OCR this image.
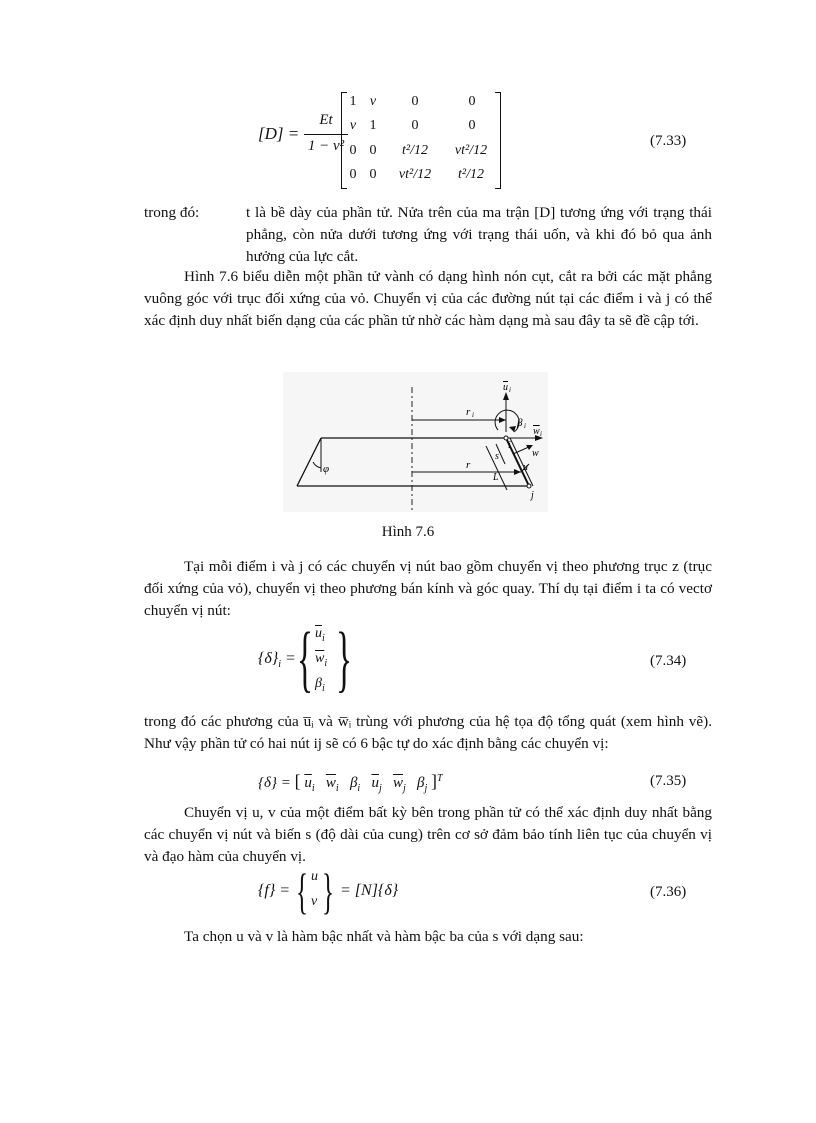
[D] =
Et
1 − ν²
1 ν	0	0
ν 1	0	0
0 0	t²/12	νt²/12
0 0	νt²/12	t²/12
(7.33)
trong đó:	t là bề dày của phần tử. Nửa trên của ma trận [D] tương ứng với trạng thái phẳng, còn nửa dưới tương ứng với trạng thái uốn, và khi đó bỏ qua ảnh hưởng của lực cắt.
Hình 7.6 biểu diễn một phần tử vành có dạng hình nón cụt, cắt ra bởi các mặt phẳng vuông góc với trục đối xứng của vỏ. Chuyển vị của các đường nút tại các điểm i và j có thể xác định duy nhất biến dạng của các phần tử nhờ các hàm dạng mà sau đây ta sẽ đề cập tới.
φ
r i
r
u i
β i w i
w
u
s
L
i
j
Hình 7.6
Tại mỗi điểm i và j có các chuyển vị nút bao gồm chuyển vị theo phương trục z (trục đối xứng của vỏ), chuyển vị theo phương bán kính và góc quay. Thí dụ tại điểm i ta có vectơ chuyển vị nút:
$\{\delta\}_i$ = { $\overline{u}_i$
$\overline{w}_i$
$\beta_i$ }	(7.34)
trong đó các phương của u̅ᵢ và w̅ᵢ trùng với phương của hệ tọa độ tổng quát (xem hình vẽ). Như vậy phần tử có hai nút ij sẽ có 6 bậc tự do xác định bằng các chuyển vị:
{δ} = [ $\overline{u}_i$ $\overline{w}_i$ $\beta_i$ $\overline{u}_j$ $\overline{w}_j$ $\beta_j$ ]$^T$	(7.35)
Chuyển vị u, v của một điểm bất kỳ bên trong phần tử có thể xác định duy nhất bằng các chuyển vị nút và biến s (độ dài của cung) trên cơ sở đảm bảo tính liên tục của chuyển vị và đạo hàm của chuyển vị.
{f} = { u
v } = [N]{δ}	(7.36)
Ta chọn u và v là hàm bậc nhất và hàm bậc ba của s với dạng sau:
